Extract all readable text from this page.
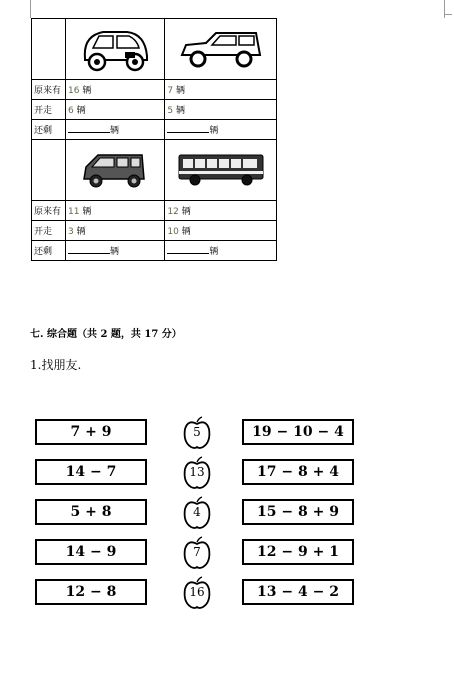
原来有	16 辆	7 辆
开走	6 辆	5 辆
还剩	辆	辆

原来有	11 辆	12 辆
开走	3 辆	10 辆
还剩	辆	辆
七. 综合题（共 2 题，共 17 分）
1.找朋友.
7 + 9
14 − 7
5 + 8
14 − 9
12 − 8
5
13
4
7
16
19 − 10 − 4
17 − 8 + 4
15 − 8 + 9
12 − 9 + 1
13 − 4 − 2
